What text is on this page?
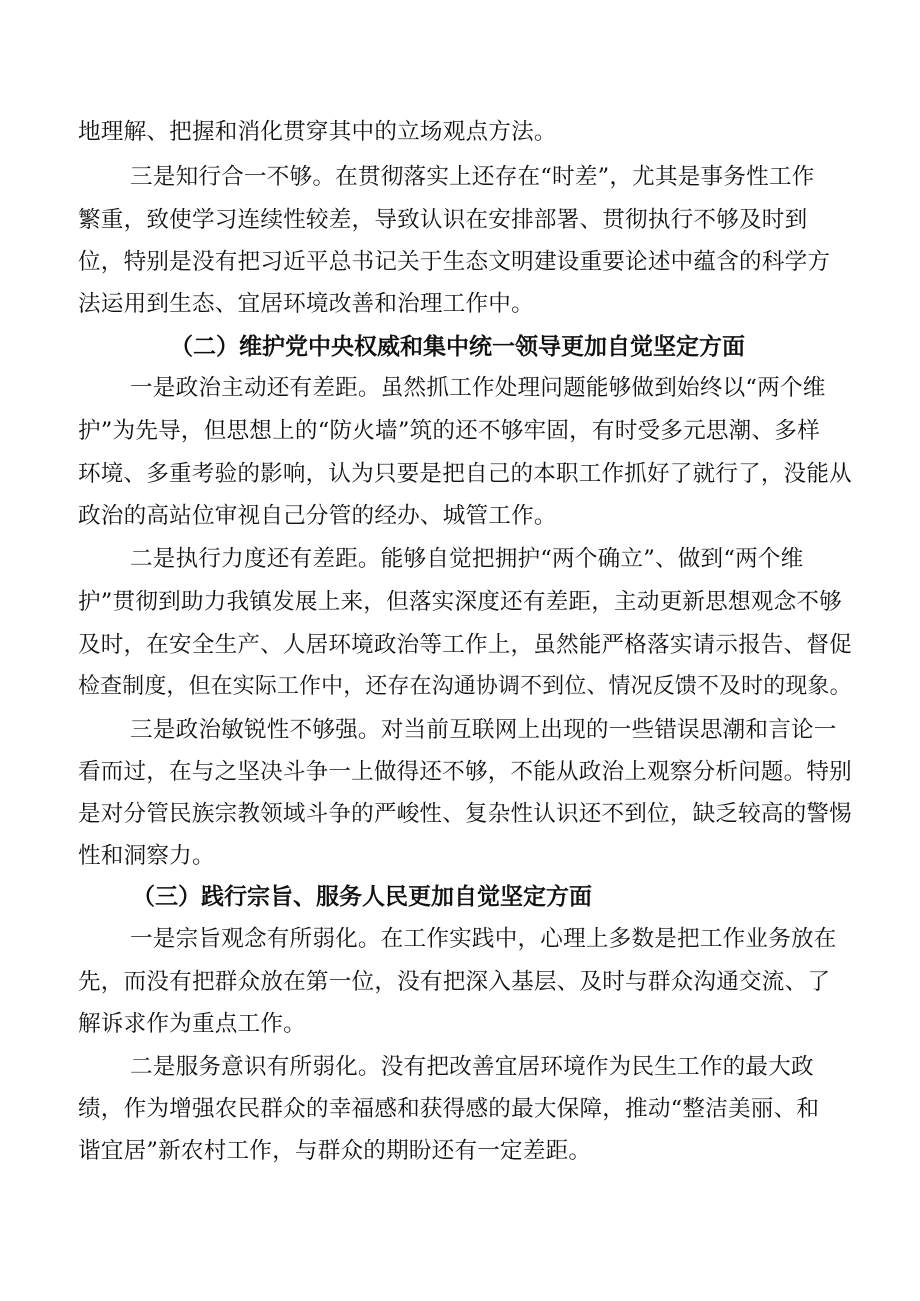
地理解、把握和消化贯穿其中的立场观点方法。
三是知行合一不够。在贯彻落实上还存在“时差”，尤其是事务性工作
繁重，致使学习连续性较差，导致认识在安排部署、贯彻执行不够及时到
位，特别是没有把习近平总书记关于生态文明建设重要论述中蕴含的科学方
法运用到生态、宜居环境改善和治理工作中。
（二）维护党中央权威和集中统一领导更加自觉坚定方面
一是政治主动还有差距。虽然抓工作处理问题能够做到始终以“两个维
护”为先导，但思想上的“防火墙”筑的还不够牢固，有时受多元思潮、多样
环境、多重考验的影响，认为只要是把自己的本职工作抓好了就行了，没能从
政治的高站位审视自己分管的经办、城管工作。
二是执行力度还有差距。能够自觉把拥护“两个确立”、做到“两个维
护”贯彻到助力我镇发展上来，但落实深度还有差距，主动更新思想观念不够
及时，在安全生产、人居环境政治等工作上，虽然能严格落实请示报告、督促
检查制度，但在实际工作中，还存在沟通协调不到位、情况反馈不及时的现象。
三是政治敏锐性不够强。对当前互联网上出现的一些错误思潮和言论一
看而过，在与之坚决斗争一上做得还不够，不能从政治上观察分析问题。特别
是对分管民族宗教领域斗争的严峻性、复杂性认识还不到位，缺乏较高的警惕
性和洞察力。
（三）践行宗旨、服务人民更加自觉坚定方面
一是宗旨观念有所弱化。在工作实践中，心理上多数是把工作业务放在
先，而没有把群众放在第一位，没有把深入基层、及时与群众沟通交流、了
解诉求作为重点工作。
二是服务意识有所弱化。没有把改善宜居环境作为民生工作的最大政
绩，作为增强农民群众的幸福感和获得感的最大保障，推动“整洁美丽、和
谐宜居”新农村工作，与群众的期盼还有一定差距。
